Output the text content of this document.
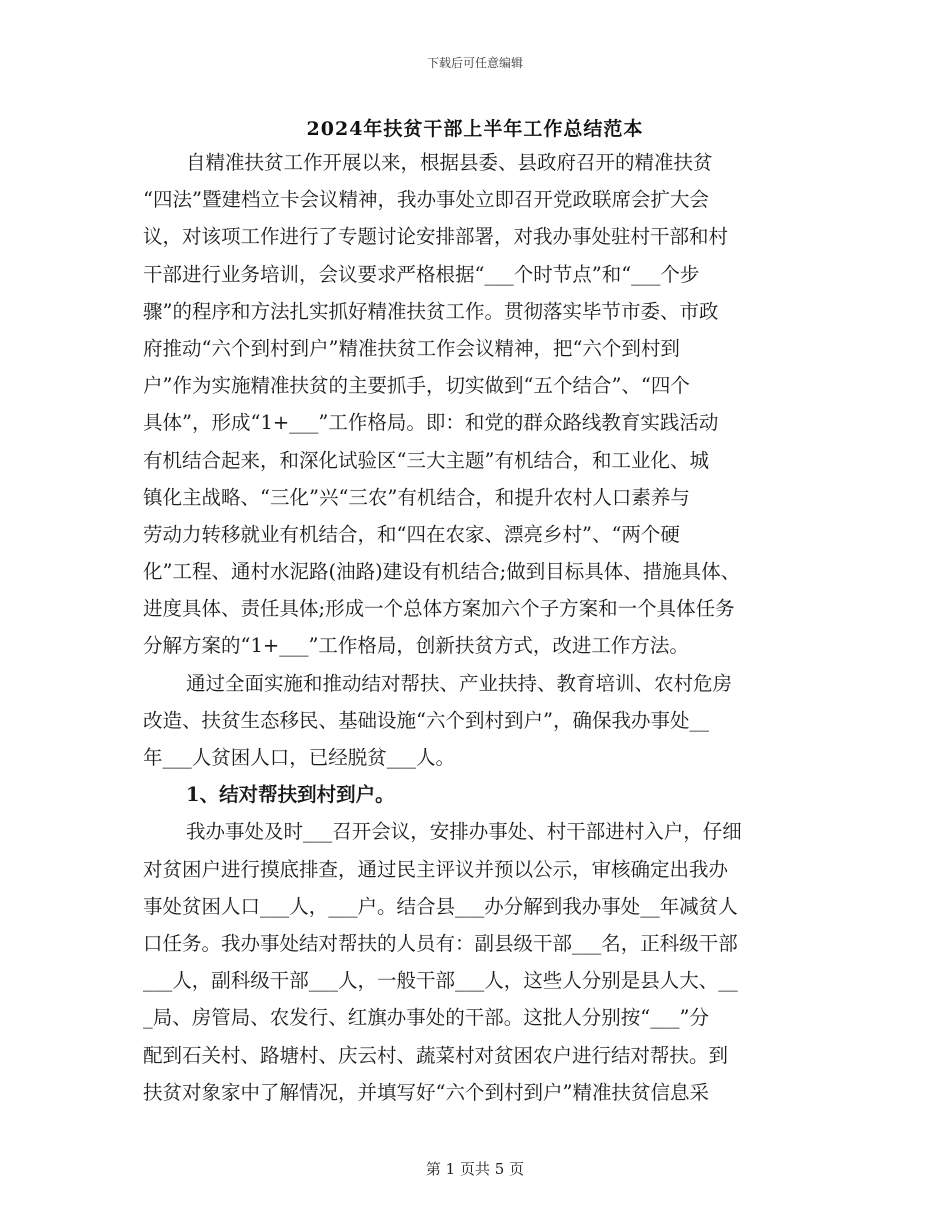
下载后可任意编辑
2024年扶贫干部上半年工作总结范本
自精准扶贫工作开展以来，根据县委、县政府召开的精准扶贫
“四法”暨建档立卡会议精神，我办事处立即召开党政联席会扩大会
议，对该项工作进行了专题讨论安排部署，对我办事处驻村干部和村
干部进行业务培训，会议要求严格根据“___个时节点”和“___个步
骤”的程序和方法扎实抓好精准扶贫工作。贯彻落实毕节市委、市政
府推动“六个到村到户”精准扶贫工作会议精神，把“六个到村到
户”作为实施精准扶贫的主要抓手，切实做到“五个结合”、“四个
具体”，形成“1+___”工作格局。即：和党的群众路线教育实践活动
有机结合起来，和深化试验区“三大主题”有机结合，和工业化、城
镇化主战略、“三化”兴“三农”有机结合，和提升农村人口素养与
劳动力转移就业有机结合，和“四在农家、漂亮乡村”、“两个硬
化”工程、通村水泥路(油路)建设有机结合;做到目标具体、措施具体、
进度具体、责任具体;形成一个总体方案加六个子方案和一个具体任务
分解方案的“1+___”工作格局，创新扶贫方式，改进工作方法。
通过全面实施和推动结对帮扶、产业扶持、教育培训、农村危房
改造、扶贫生态移民、基础设施“六个到村到户”，确保我办事处__
年___人贫困人口，已经脱贫___人。
1、结对帮扶到村到户。
我办事处及时___召开会议，安排办事处、村干部进村入户，仔细
对贫困户进行摸底排查，通过民主评议并预以公示，审核确定出我办
事处贫困人口___人，___户。结合县___办分解到我办事处__年减贫人
口任务。我办事处结对帮扶的人员有：副县级干部___名，正科级干部
___人，副科级干部___人，一般干部___人，这些人分别是县人大、__
_局、房管局、农发行、红旗办事处的干部。这批人分别按“___”分
配到石关村、路塘村、庆云村、蔬菜村对贫困农户进行结对帮扶。到
扶贫对象家中了解情况，并填写好“六个到村到户”精准扶贫信息采
第 1 页共 5 页
